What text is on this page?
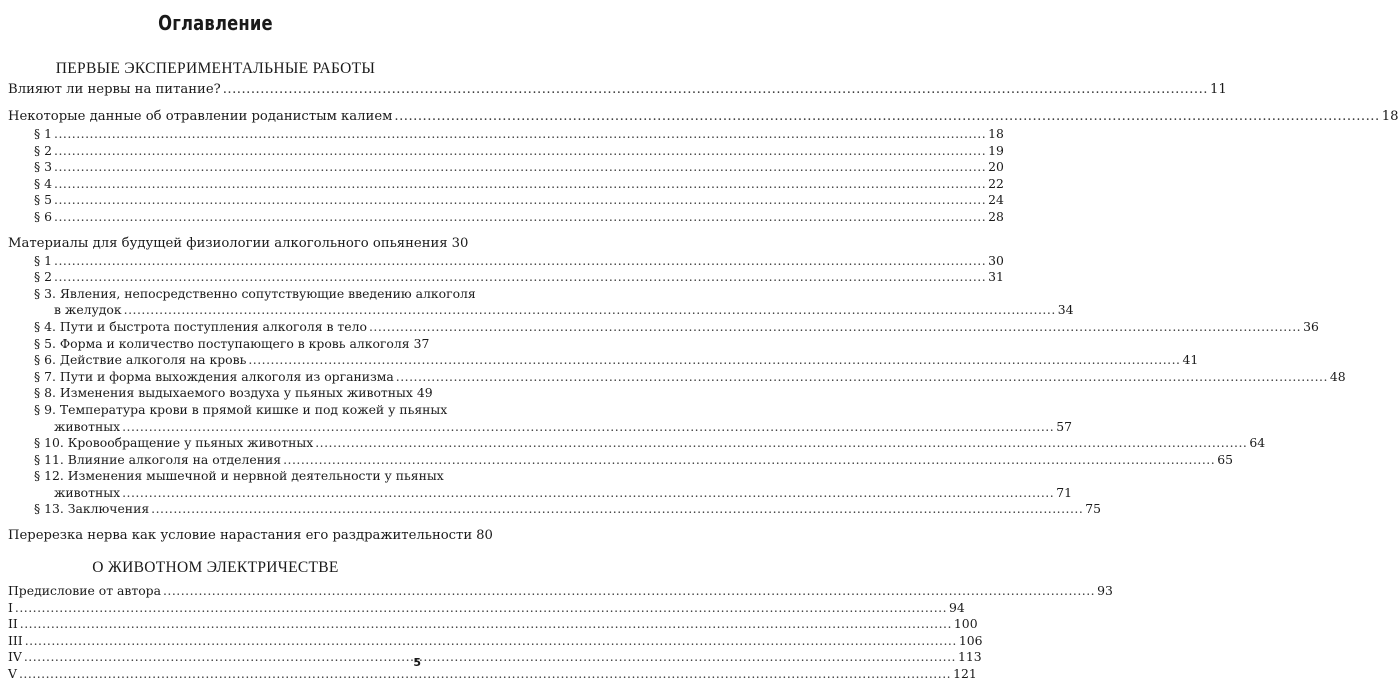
Оглавление
ПЕРВЫЕ ЭКСПЕРИМЕНТАЛЬНЫЕ РАБОТЫ
Влияют ли нервы на питание? .....	11
Некоторые данные об отравлении роданистым калием .....	18
§ 1 .....	18
§ 2 .....	19
§ 3 .....	20
§ 4 .....	22
§ 5 .....	24
§ 6 .....	28
Материалы для будущей физиологии алкогольного опьянения 30
§ 1 .....	30
§ 2 .....	31
§ 3. Явления, непосредственно сопутствующие введению алкоголя
в желудок .....	34
§ 4. Пути и быстрота поступления алкоголя в тело .....	36
§ 5. Форма и количество поступающего в кровь алкоголя 37
§ 6. Действие алкоголя на кровь .....	41
§ 7. Пути и форма выхождения алкоголя из организма .....	48
§ 8. Изменения выдыхаемого воздуха у пьяных животных 49
§ 9. Температура крови в прямой кишке и под кожей у пьяных
животных .....	57
§ 10. Кровообращение у пьяных животных .....	64
§ 11. Влияние алкоголя на отделения .....	65
§ 12. Изменения мышечной и нервной деятельности у пьяных
животных .....	71
§ 13. Заключения .....	75
Перерезка нерва как условие нарастания его раздражительности 80
О ЖИВОТНОМ ЭЛЕКТРИЧЕСТВЕ
Предисловие от автора .....	93
I .....	94
II .....	100
III .....	106
IV .....	113
V .....	121
5
